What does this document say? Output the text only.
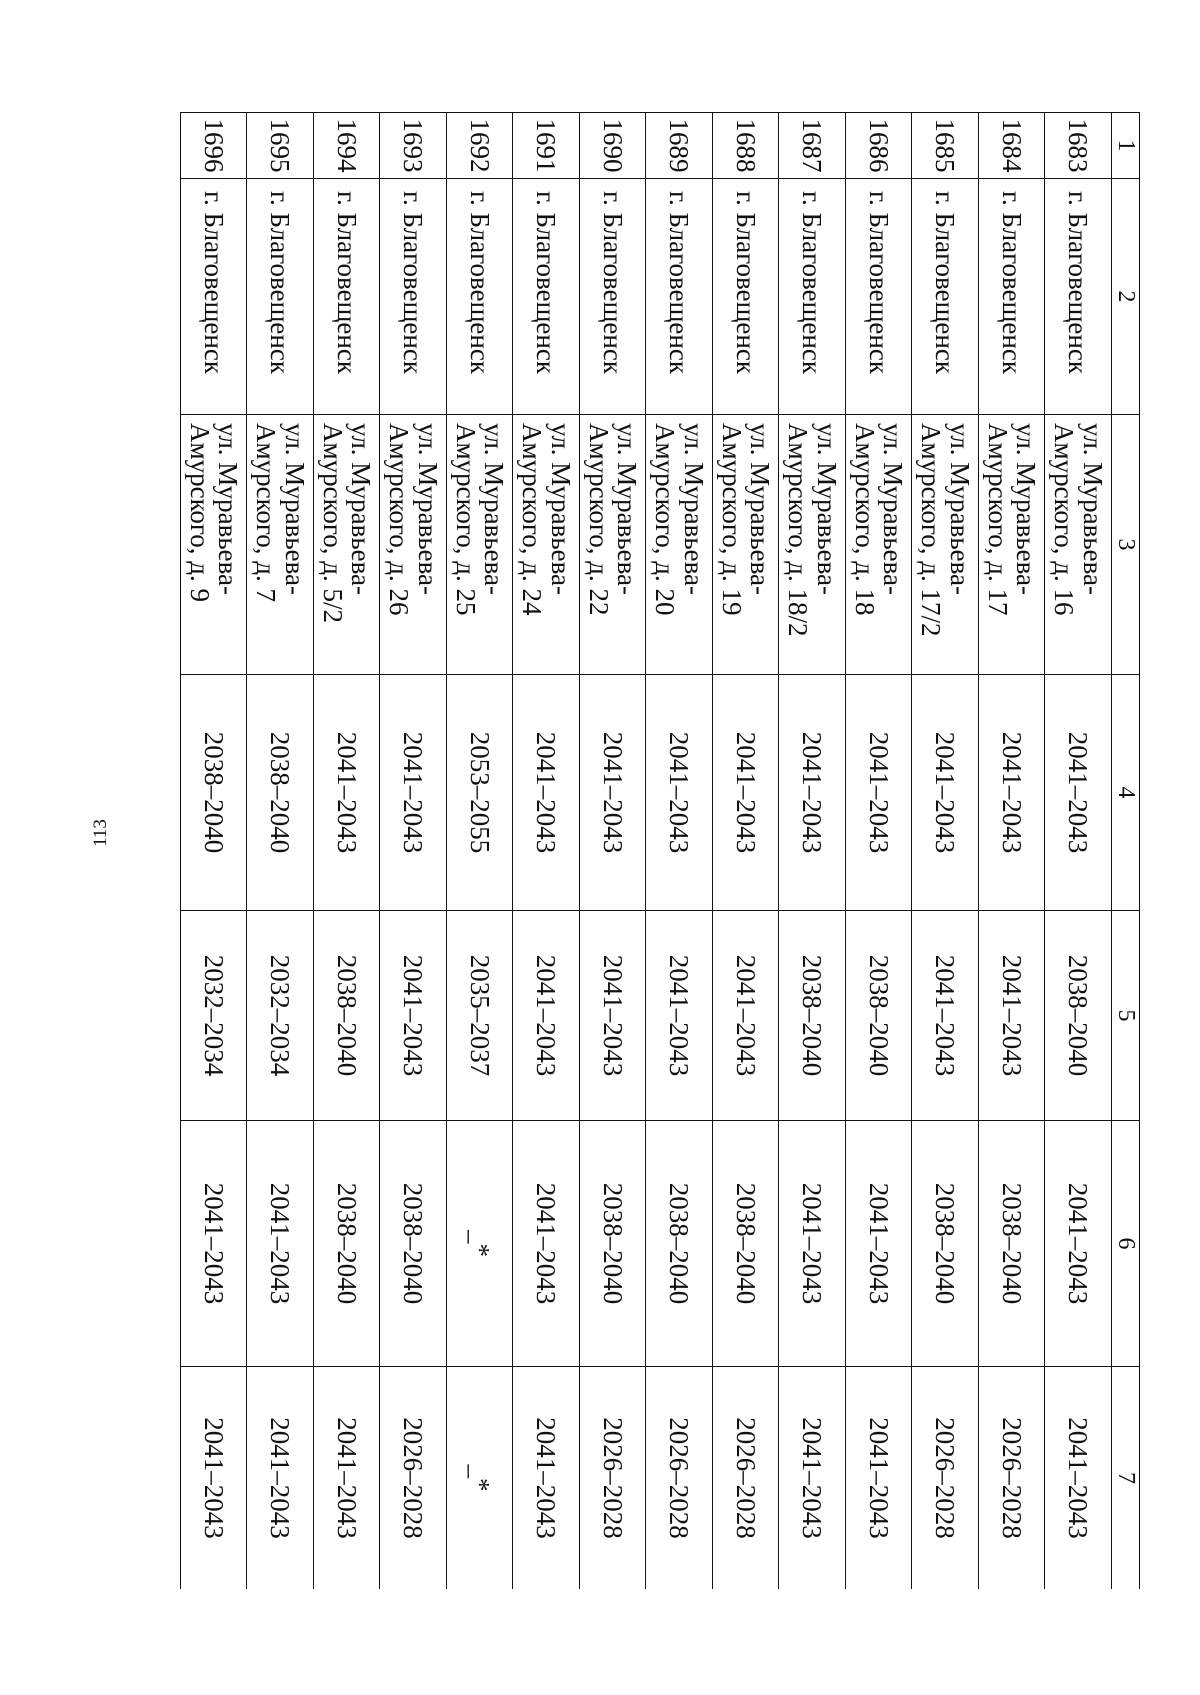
113
1	2	3	4	5	6	7
1683	г. Благовещенск	ул. Муравьева-
Амурского, д. 16	2041–2043	2038–2040	2041–2043	2041–2043
1684	г. Благовещенск	ул. Муравьева-
Амурского, д. 17	2041–2043	2041–2043	2038–2040	2026–2028
1685	г. Благовещенск	ул. Муравьева-
Амурского, д. 17/2	2041–2043	2041–2043	2038–2040	2026–2028
1686	г. Благовещенск	ул. Муравьева-
Амурского, д. 18	2041–2043	2038–2040	2041–2043	2041–2043
1687	г. Благовещенск	ул. Муравьева-
Амурского, д. 18/2	2041–2043	2038–2040	2041–2043	2041–2043
1688	г. Благовещенск	ул. Муравьева-
Амурского, д. 19	2041–2043	2041–2043	2038–2040	2026–2028
1689	г. Благовещенск	ул. Муравьева-
Амурского, д. 20	2041–2043	2041–2043	2038–2040	2026–2028
1690	г. Благовещенск	ул. Муравьева-
Амурского, д. 22	2041–2043	2041–2043	2038–2040	2026–2028
1691	г. Благовещенск	ул. Муравьева-
Амурского, д. 24	2041–2043	2041–2043	2041–2043	2041–2043
1692	г. Благовещенск	ул. Муравьева-
Амурского, д. 25	2053–2055	2035–2037	_*	_*
1693	г. Благовещенск	ул. Муравьева-
Амурского, д. 26	2041–2043	2041–2043	2038–2040	2026–2028
1694	г. Благовещенск	ул. Муравьева-
Амурского, д. 5/2	2041–2043	2038–2040	2038–2040	2041–2043
1695	г. Благовещенск	ул. Муравьева-
Амурского, д. 7	2038–2040	2032–2034	2041–2043	2041–2043
1696	г. Благовещенск	ул. Муравьева-
Амурского, д. 9	2038–2040	2032–2034	2041–2043	2041–2043
